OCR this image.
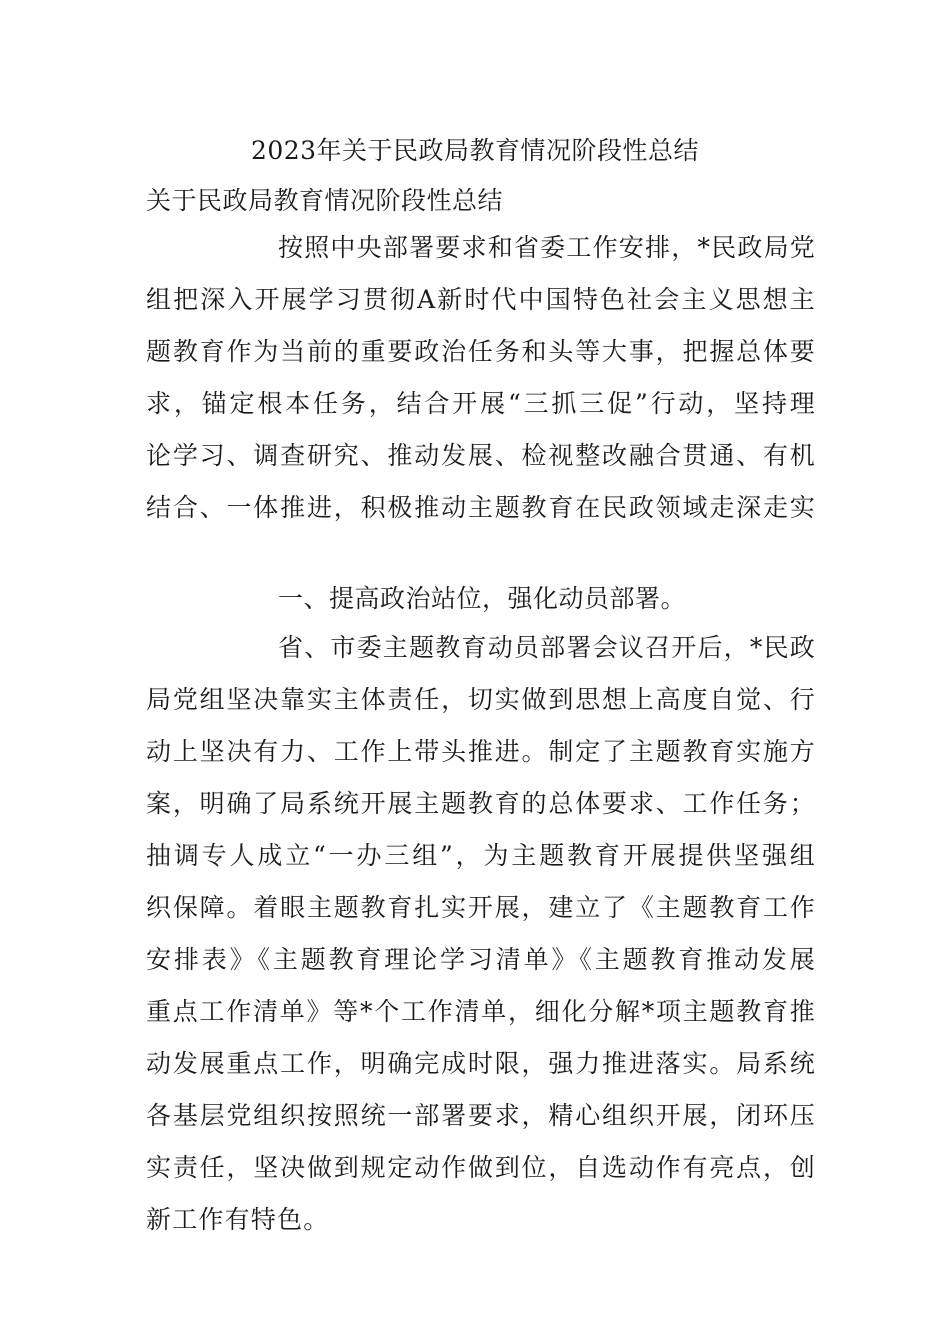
2023年关于民政局教育情况阶段性总结

关于民政局教育情况阶段性总结

按照中央部署要求和省委工作安排，*民政局党
组把深入开展学习贯彻A新时代中国特色社会主义思想主
题教育作为当前的重要政治任务和头等大事，把握总体要
求，锚定根本任务，结合开展“三抓三促”行动，坚持理
论学习、调查研究、推动发展、检视整改融合贯通、有机
结合、一体推进，积极推动主题教育在民政领域走深走实
一、提高政治站位，强化动员部署。
省、市委主题教育动员部署会议召开后，*民政
局党组坚决靠实主体责任，切实做到思想上高度自觉、行
动上坚决有力、工作上带头推进。制定了主题教育实施方
案，明确了局系统开展主题教育的总体要求、工作任务；
抽调专人成立“一办三组”，为主题教育开展提供坚强组
织保障。着眼主题教育扎实开展，建立了《主题教育工作
安排表》《主题教育理论学习清单》《主题教育推动发展
重点工作清单》等*个工作清单，细化分解*项主题教育推
动发展重点工作，明确完成时限，强力推进落实。局系统
各基层党组织按照统一部署要求，精心组织开展，闭环压
实责任，坚决做到规定动作做到位，自选动作有亮点，创
新工作有特色。
